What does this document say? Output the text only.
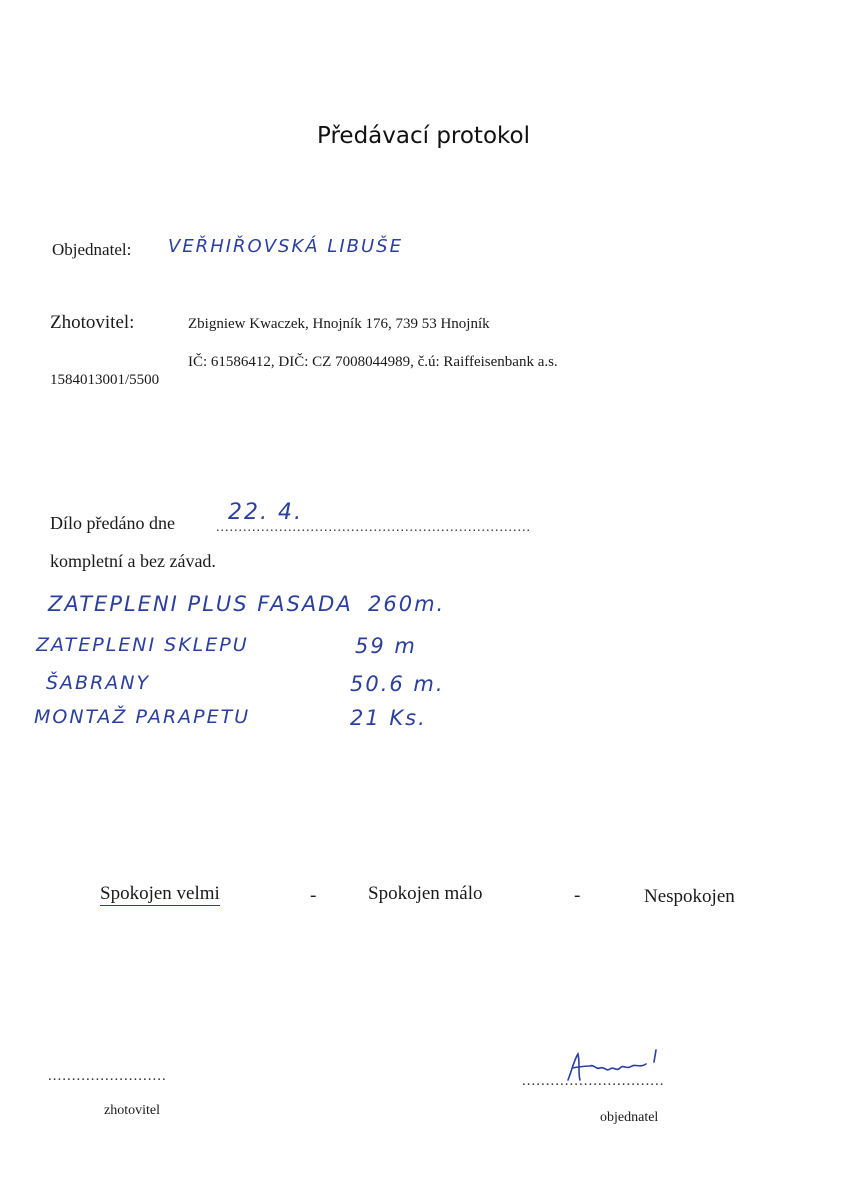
Předávací protokol
Objednatel: VEŘHIŘOVSKÁ LIBUŠE
Zhotovitel:	Zbigniew Kwaczek, Hnojník 176, 739 53 Hnojník
IČ: 61586412, DIČ: CZ 7008044989, č.ú: Raiffeisenbank a.s.
1584013001/5500
Dílo předáno dne	......................................................................
22. 4.
kompletní a bez závad.
ZATEPLENI PLUS FASADA 260m.
ZATEPLENI SKLEPU	59 m
ŠABRANY	50.6 m.
MONTAŽ PARAPETU	21 Ks.
Spokojen velmi	-	Spokojen málo	-	Nespokojen
.........................
zhotovitel
..............................
objednatel
